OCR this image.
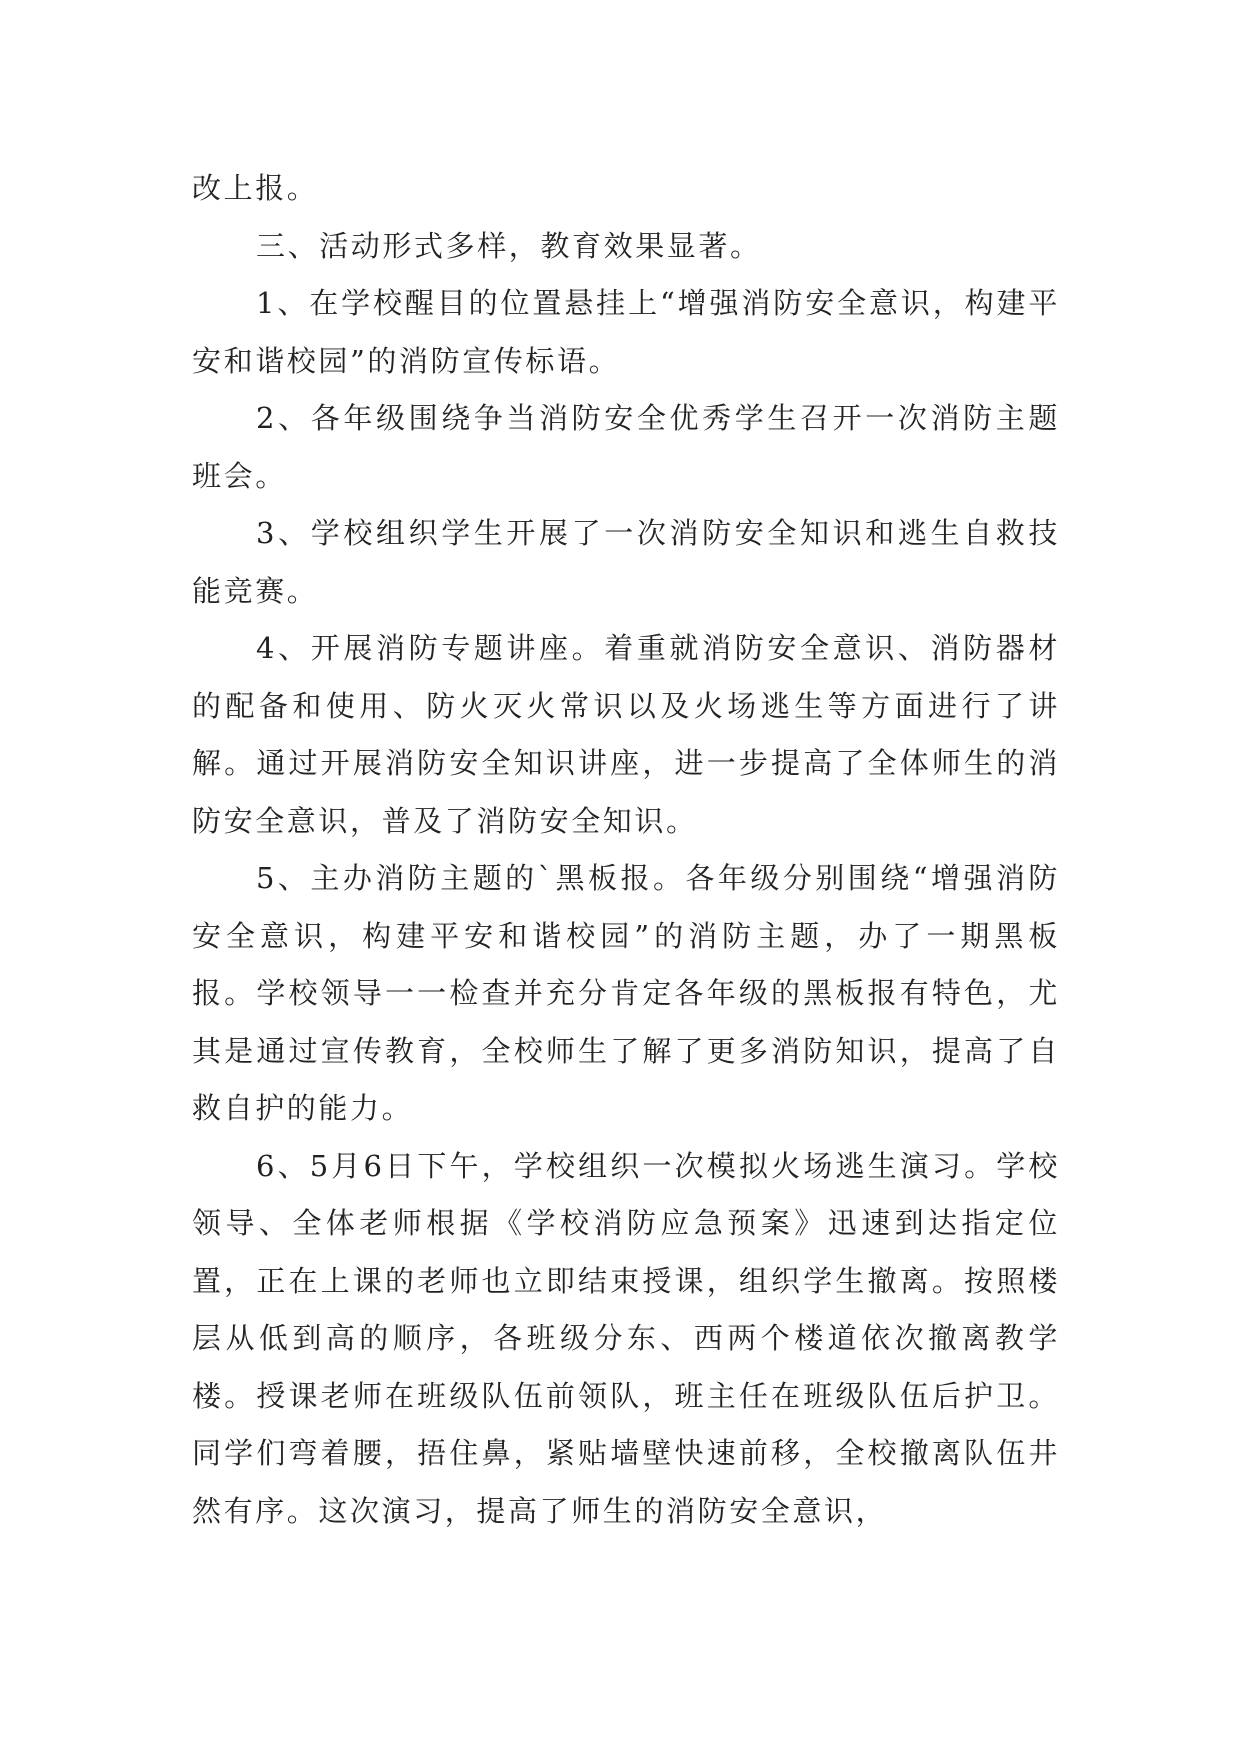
改上报。

三、活动形式多样，教育效果显著。

1、在学校醒目的位置悬挂上“增强消防安全意识，构建平安和谐校园”的消防宣传标语。

2、各年级围绕争当消防安全优秀学生召开一次消防主题班会。

3、学校组织学生开展了一次消防安全知识和逃生自救技能竞赛。

4、开展消防专题讲座。着重就消防安全意识、消防器材的配备和使用、防火灭火常识以及火场逃生等方面进行了讲解。通过开展消防安全知识讲座，进一步提高了全体师生的消防安全意识，普及了消防安全知识。

5、主办消防主题的`黑板报。各年级分别围绕“增强消防安全意识，构建平安和谐校园”的消防主题，办了一期黑板报。学校领导一一检查并充分肯定各年级的黑板报有特色，尤其是通过宣传教育，全校师生了解了更多消防知识，提高了自救自护的能力。

6、5月6日下午，学校组织一次模拟火场逃生演习。学校领导、全体老师根据《学校消防应急预案》迅速到达指定位置，正在上课的老师也立即结束授课，组织学生撤离。按照楼层从低到高的顺序，各班级分东、西两个楼道依次撤离教学楼。授课老师在班级队伍前领队，班主任在班级队伍后护卫。同学们弯着腰，捂住鼻，紧贴墙壁快速前移，全校撤离队伍井然有序。这次演习，提高了师生的消防安全意识，
